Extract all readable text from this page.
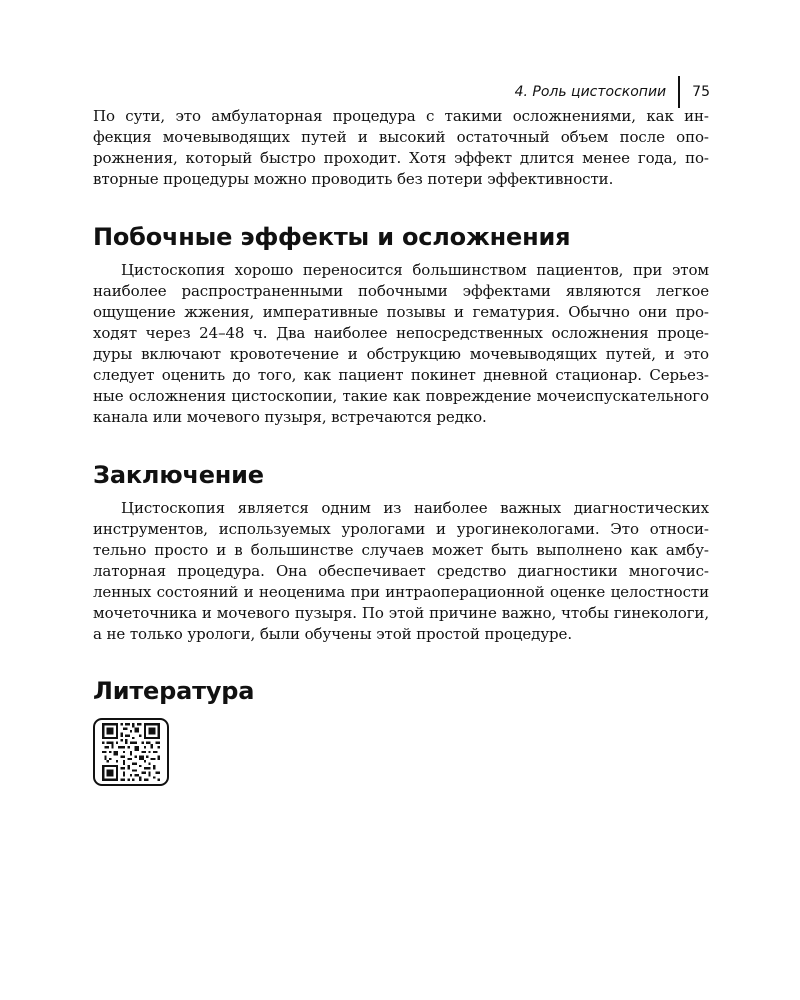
4. Роль цистоскопии	75

По сути, это амбулаторная процедура с такими осложнениями, как инфекция мочевыводящих путей и высокий остаточный объем после опорожнения, который быстро проходит. Хотя эффект длится менее года, повторные процедуры можно проводить без потери эффективности.

Побочные эффекты и осложнения

Цистоскопия хорошо переносится большинством пациентов, при этом наиболее распространенными побочными эффектами являются легкое ощущение жжения, императивные позывы и гематурия. Обычно они проходят через 24–48 ч. Два наиболее непосредственных осложнения процедуры включают кровотечение и обструкцию мочевыводящих путей, и это следует оценить до того, как пациент покинет дневной стационар. Серьезные осложнения цистоскопии, такие как повреждение мочеиспускательного канала или мочевого пузыря, встречаются редко.

Заключение

Цистоскопия является одним из наиболее важных диагностических инструментов, используемых урологами и урогинекологами. Это относительно просто и в большинстве случаев может быть выполнено как амбулаторная процедура. Она обеспечивает средство диагностики многочисленных состояний и неоценима при интраоперационной оценке целостности мочеточника и мочевого пузыря. По этой причине важно, чтобы гинекологи, а не только урологи, были обучены этой простой процедуре.

Литература
